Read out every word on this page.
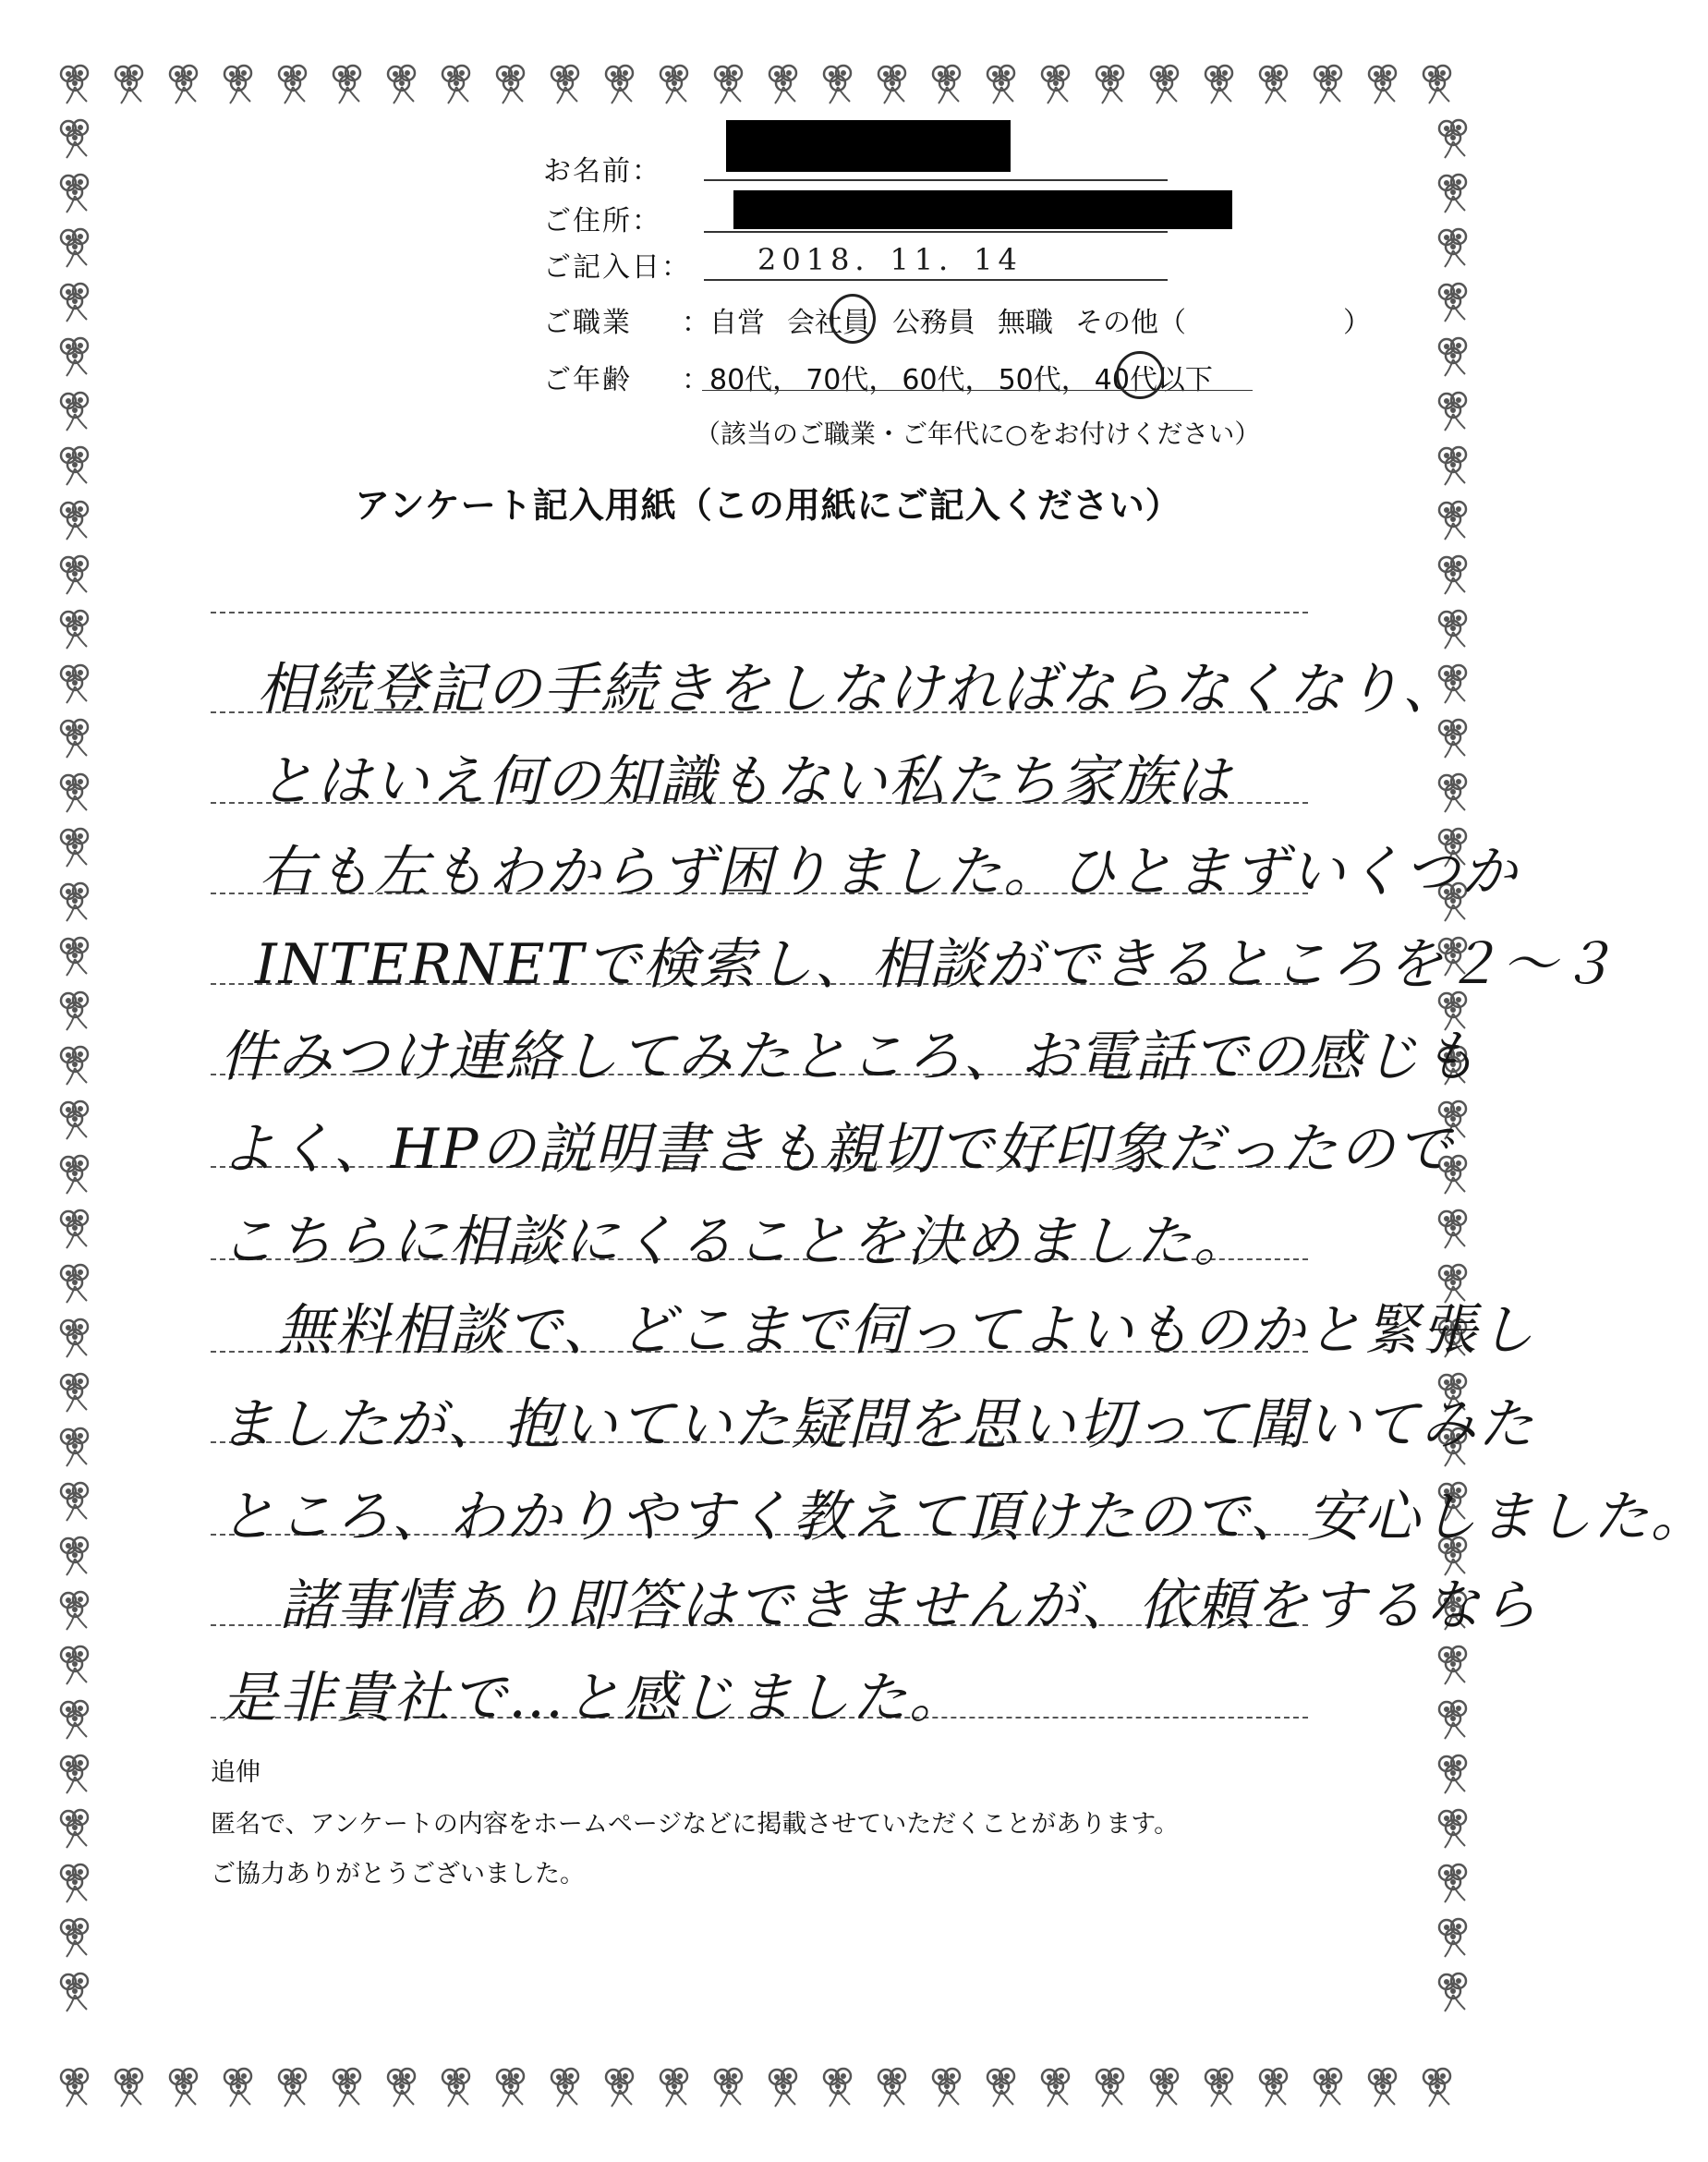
お名前：
ご住所：
ご記入日： 2018．11．14
ご職業 ：自営 会社員 公務員 無職 その他（	）
ご年齢 ：80代， 70代， 60代， 50代， 40代以下
（該当のご職業・ご年代に○をお付けください）
アンケート記入用紙（この用紙にご記入ください）
相続登記の手続きをしなければならなくなり、
とはいえ何の知識もない私たち家族は
右も左もわからず困りました。ひとまずいくつか
INTERNETで検索し、相談ができるところを２～３
件みつけ連絡してみたところ、お電話での感じも
よく、HPの説明書きも親切で好印象だったので
こちらに相談にくることを決めました。
　無料相談で、どこまで伺ってよいものかと緊張し
ましたが、抱いていた疑問を思い切って聞いてみた
ところ、わかりやすく教えて頂けたので、安心しました。
　諸事情あり即答はできませんが、依頼をするなら
是非貴社で…と感じました。
追伸
匿名で、アンケートの内容をホームページなどに掲載させていただくことがあります。
ご協力ありがとうございました。
